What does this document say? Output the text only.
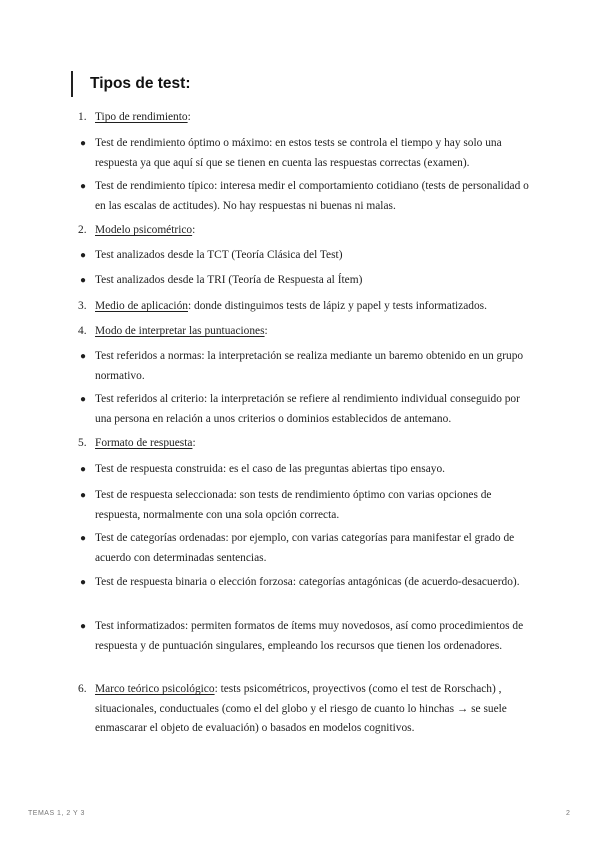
Tipos de test:
1. Tipo de rendimiento:
● Test de rendimiento óptimo o máximo: en estos tests se controla el tiempo y hay solo una respuesta ya que aquí sí que se tienen en cuenta las respuestas correctas (examen).
● Test de rendimiento típico: interesa medir el comportamiento cotidiano (tests de personalidad o en las escalas de actitudes). No hay respuestas ni buenas ni malas.
2. Modelo psicométrico:
● Test analizados desde la TCT (Teoría Clásica del Test)
● Test analizados desde la TRI (Teoría de Respuesta al Ítem)
3. Medio de aplicación: donde distinguimos tests de lápiz y papel y tests informatizados.
4. Modo de interpretar las puntuaciones:
● Test referidos a normas: la interpretación se realiza mediante un baremo obtenido en un grupo normativo.
● Test referidos al criterio: la interpretación se refiere al rendimiento individual conseguido por una persona en relación a unos criterios o dominios establecidos de antemano.
5. Formato de respuesta:
● Test de respuesta construida: es el caso de las preguntas abiertas tipo ensayo.
● Test de respuesta seleccionada: son tests de rendimiento óptimo con varias opciones de respuesta, normalmente con una sola opción correcta.
● Test de categorías ordenadas: por ejemplo, con varias categorías para manifestar el grado de acuerdo con determinadas sentencias.
● Test de respuesta binaria o elección forzosa: categorías antagónicas (de acuerdo-desacuerdo).
● Test informatizados: permiten formatos de ítems muy novedosos, así como procedimientos de respuesta y de puntuación singulares, empleando los recursos que tienen los ordenadores.
6. Marco teórico psicológico: tests psicométricos, proyectivos (como el test de Rorschach) , situacionales, conductuales (como el del globo y el riesgo de cuanto lo hinchas → se suele enmascarar el objeto de evaluación) o basados en modelos cognitivos.
TEMAS 1, 2 Y 3	2
